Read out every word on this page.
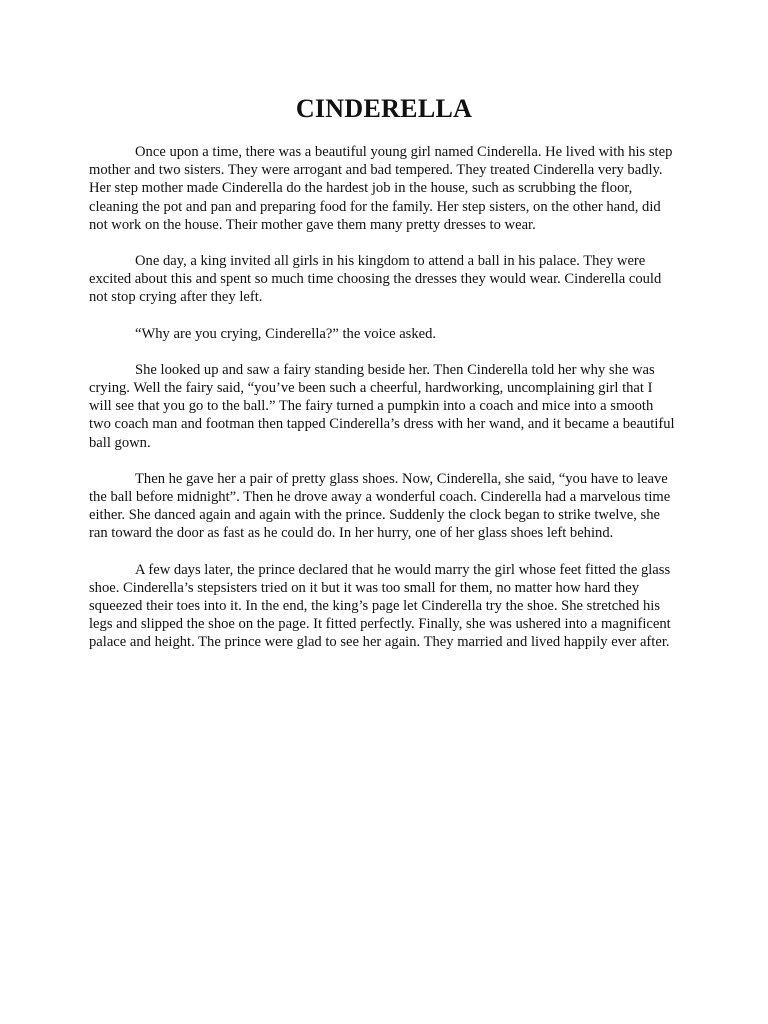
CINDERELLA

Once upon a time, there was a beautiful young girl named Cinderella. He lived with his step mother and two sisters. They were arrogant and bad tempered. They treated Cinderella very badly. Her step mother made Cinderella do the hardest job in the house, such as scrubbing the floor, cleaning the pot and pan and preparing food for the family. Her step sisters, on the other hand, did not work on the house. Their mother gave them many pretty dresses to wear.

One day, a king invited all girls in his kingdom to attend a ball in his palace. They were excited about this and spent so much time choosing the dresses they would wear. Cinderella could not stop crying after they left.

“Why are you crying, Cinderella?” the voice asked.

She looked up and saw a fairy standing beside her. Then Cinderella told her why she was crying. Well the fairy said, “you’ve been such a cheerful, hardworking, uncomplaining girl that I will see that you go to the ball.” The fairy turned a pumpkin into a coach and mice into a smooth two coach man and footman then tapped Cinderella’s dress with her wand, and it became a beautiful ball gown.

Then he gave her a pair of pretty glass shoes. Now, Cinderella, she said, “you have to leave the ball before midnight”. Then he drove away a wonderful coach. Cinderella had a marvelous time either. She danced again and again with the prince. Suddenly the clock began to strike twelve, she ran toward the door as fast as he could do. In her hurry, one of her glass shoes left behind.

A few days later, the prince declared that he would marry the girl whose feet fitted the glass shoe. Cinderella’s stepsisters tried on it but it was too small for them, no matter how hard they squeezed their toes into it. In the end, the king’s page let Cinderella try the shoe. She stretched his legs and slipped the shoe on the page. It fitted perfectly. Finally, she was ushered into a magnificent palace and height. The prince were glad to see her again. They married and lived happily ever after.
